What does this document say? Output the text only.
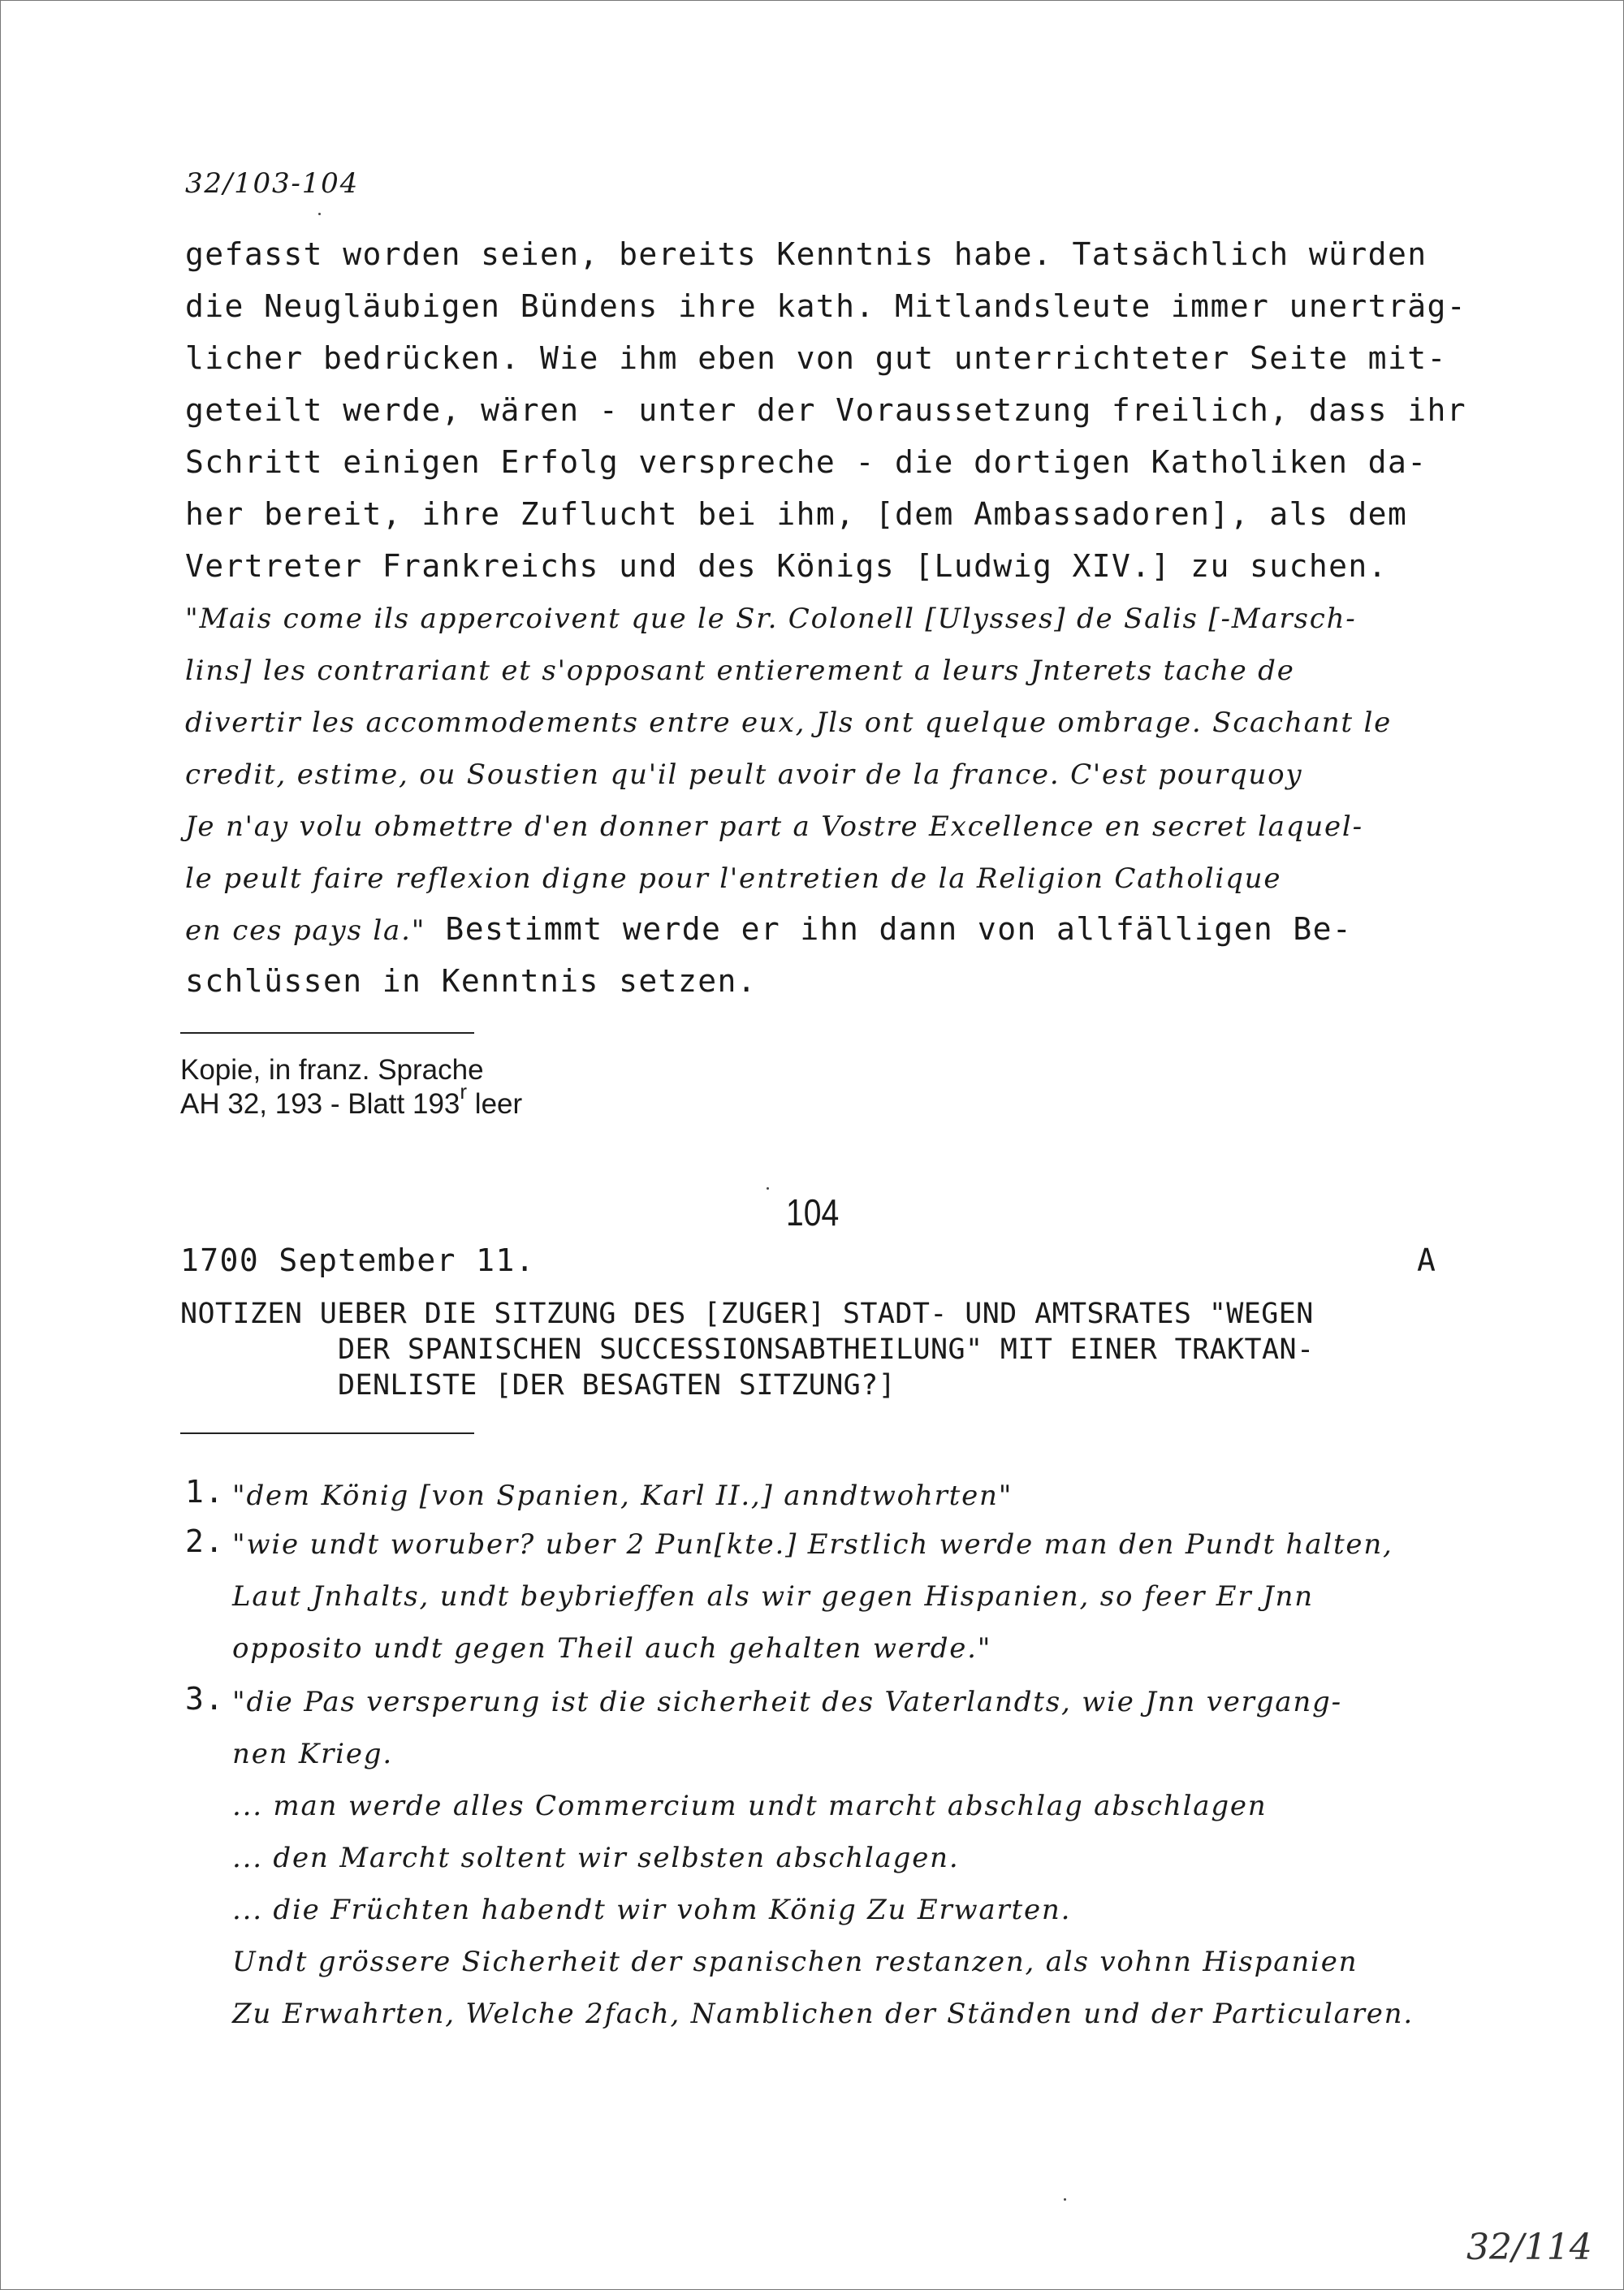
32/103-104
gefasst worden seien, bereits Kenntnis habe. Tatsächlich würden
die Neugläubigen Bündens ihre kath. Mitlandsleute immer unerträg-
licher bedrücken. Wie ihm eben von gut unterrichteter Seite mit-
geteilt werde, wären - unter der Voraussetzung freilich, dass ihr
Schritt einigen Erfolg verspreche - die dortigen Katholiken da-
her bereit, ihre Zuflucht bei ihm, [dem Ambassadoren], als dem
Vertreter Frankreichs und des Königs [Ludwig XIV.] zu suchen.
"Mais come ils appercoivent que le Sr. Colonell [Ulysses] de Salis [-Marsch-
lins] les contrariant et s'opposant entierement a leurs Jnterets tache de
divertir les accommodements entre eux, Jls ont quelque ombrage. Scachant le
credit, estime, ou Soustien qu'il peult avoir de la france. C'est pourquoy
Je n'ay volu obmettre d'en donner part a Vostre Excellence en secret laquel-
le peult faire reflexion digne pour l'entretien de la Religion Catholique
en ces pays la." Bestimmt werde er ihn dann von allfälligen Be-
schlüssen in Kenntnis setzen.
Kopie, in franz. Sprache
AH 32, 193 - Blatt 193$^r$ leer
104
1700 September 11.	A
NOTIZEN UEBER DIE SITZUNG DES [ZUGER] STADT- UND AMTSRATES "WEGEN
DER SPANISCHEN SUCCESSIONSABTHEILUNG" MIT EINER TRAKTAN-
DENLISTE [DER BESAGTEN SITZUNG?]
1. "dem König [von Spanien, Karl II.,] anndtwohrten"
2. "wie undt woruber? uber 2 Pun[kte.] Erstlich werde man den Pundt halten,
Laut Jnhalts, undt beybrieffen als wir gegen Hispanien, so feer Er Jnn
opposito undt gegen Theil auch gehalten werde."
3. "die Pas versperung ist die sicherheit des Vaterlandts, wie Jnn vergang-
nen Krieg.
... man werde alles Commercium undt marcht abschlag abschlagen
... den Marcht soltent wir selbsten abschlagen.
... die Früchten habendt wir vohm König Zu Erwarten.
Undt grössere Sicherheit der spanischen restanzen, als vohnn Hispanien
Zu Erwahrten, Welche 2fach, Namblichen der Ständen und der Particularen.
32/114
